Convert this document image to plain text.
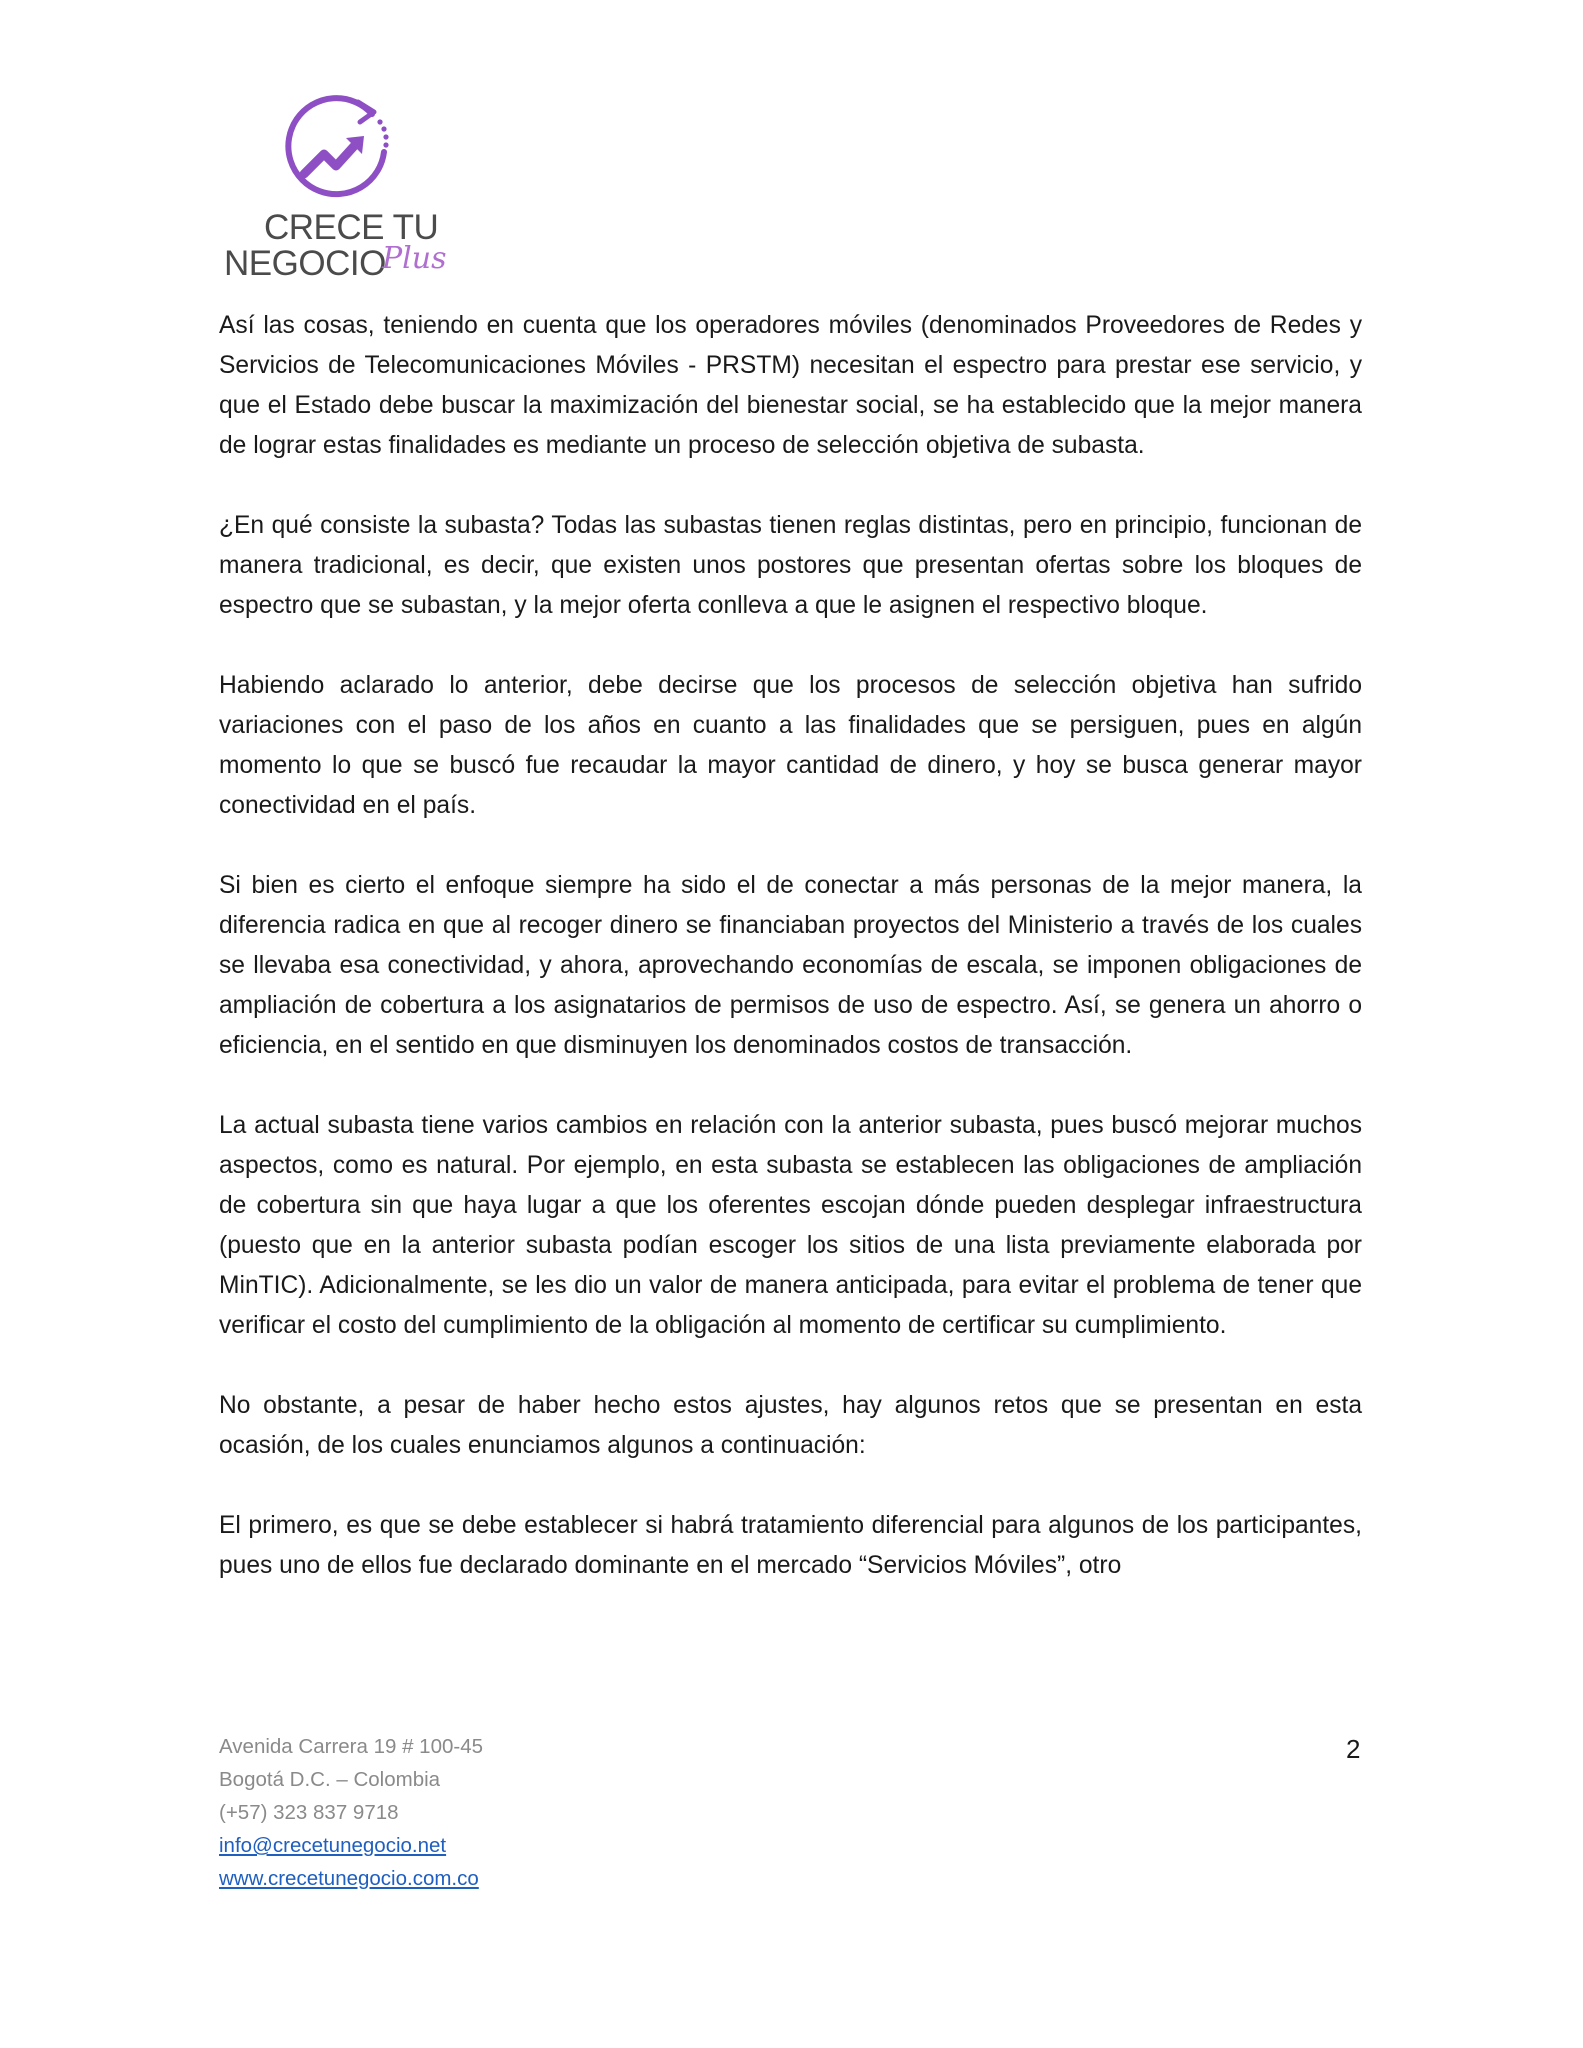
CRECE TU
NEGOCIO
Plus

Así las cosas, teniendo en cuenta que los operadores móviles (denominados Proveedores de Redes y Servicios de Telecomunicaciones Móviles - PRSTM) necesitan el espectro para prestar ese servicio, y que el Estado debe buscar la maximización del bienestar social, se ha establecido que la mejor manera de lograr estas finalidades es mediante un proceso de selección objetiva de subasta.

¿En qué consiste la subasta? Todas las subastas tienen reglas distintas, pero en principio, funcionan de manera tradicional, es decir, que existen unos postores que presentan ofertas sobre los bloques de espectro que se subastan, y la mejor oferta conlleva a que le asignen el respectivo bloque.

Habiendo aclarado lo anterior, debe decirse que los procesos de selección objetiva han sufrido variaciones con el paso de los años en cuanto a las finalidades que se persiguen, pues en algún momento lo que se buscó fue recaudar la mayor cantidad de dinero, y hoy se busca generar mayor conectividad en el país.

Si bien es cierto el enfoque siempre ha sido el de conectar a más personas de la mejor manera, la diferencia radica en que al recoger dinero se financiaban proyectos del Ministerio a través de los cuales se llevaba esa conectividad, y ahora, aprovechando economías de escala, se imponen obligaciones de ampliación de cobertura a los asignatarios de permisos de uso de espectro. Así, se genera un ahorro o eficiencia, en el sentido en que disminuyen los denominados costos de transacción.

La actual subasta tiene varios cambios en relación con la anterior subasta, pues buscó mejorar muchos aspectos, como es natural. Por ejemplo, en esta subasta se establecen las obligaciones de ampliación de cobertura sin que haya lugar a que los oferentes escojan dónde pueden desplegar infraestructura (puesto que en la anterior subasta podían escoger los sitios de una lista previamente elaborada por MinTIC). Adicionalmente, se les dio un valor de manera anticipada, para evitar el problema de tener que verificar el costo del cumplimiento de la obligación al momento de certificar su cumplimiento.

No obstante, a pesar de haber hecho estos ajustes, hay algunos retos que se presentan en esta ocasión, de los cuales enunciamos algunos a continuación:

El primero, es que se debe establecer si habrá tratamiento diferencial para algunos de los participantes, pues uno de ellos fue declarado dominante en el mercado “Servicios Móviles”, otro

Avenida Carrera 19 # 100-45
Bogotá D.C. – Colombia
(+57) 323 837 9718
info@crecetunegocio.net
www.crecetunegocio.com.co
2
